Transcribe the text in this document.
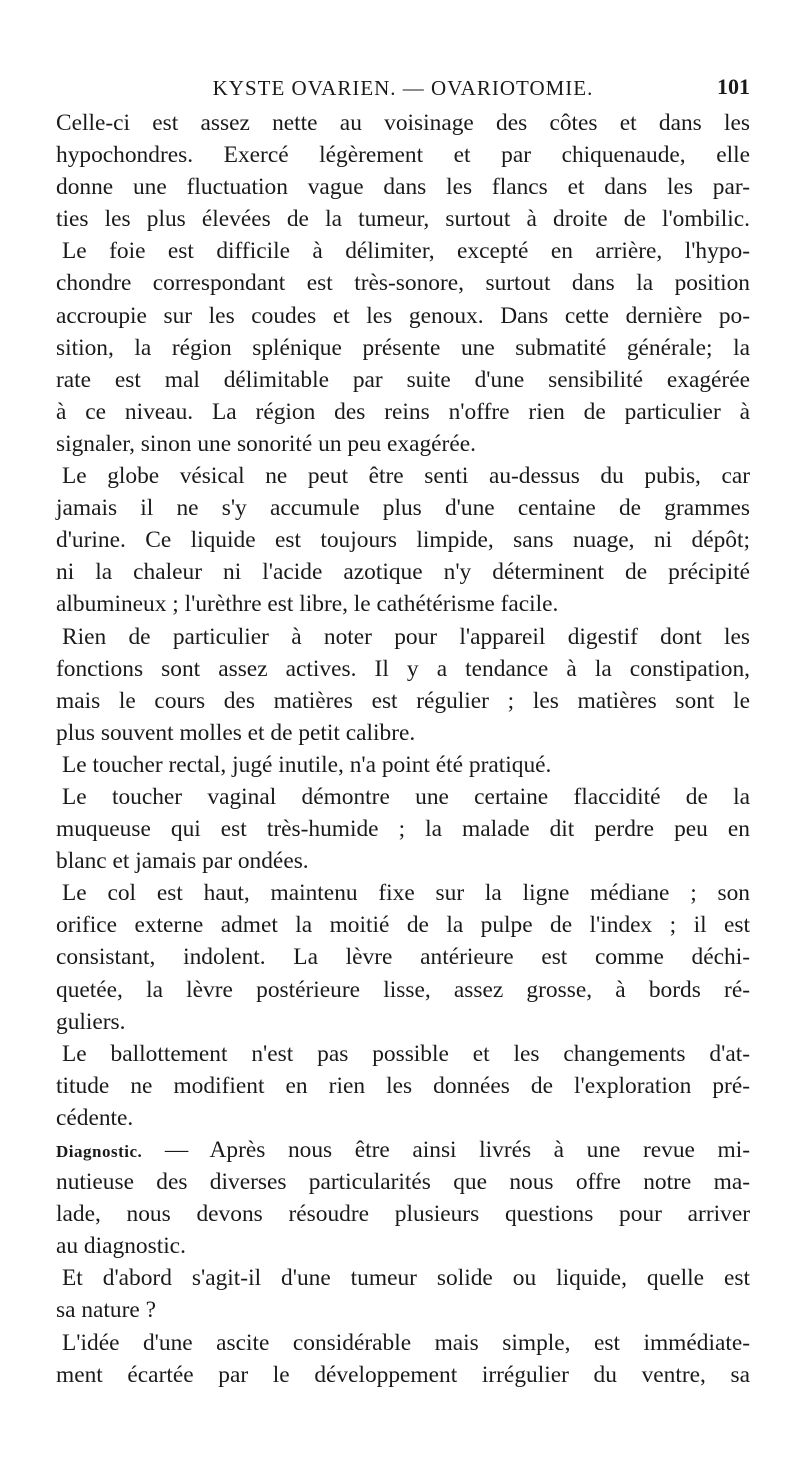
KYSTE OVARIEN. — OVARIOTOMIE.	101
Celle-ci est assez nette au voisinage des côtes et dans les
hypochondres. Exercé légèrement et par chiquenaude, elle
donne une fluctuation vague dans les flancs et dans les par-
ties les plus élevées de la tumeur, surtout à droite de l'ombilic.
Le foie est difficile à délimiter, excepté en arrière, l'hypo-
chondre correspondant est très-sonore, surtout dans la position
accroupie sur les coudes et les genoux. Dans cette dernière po-
sition, la région splénique présente une submatité générale; la
rate est mal délimitable par suite d'une sensibilité exagérée
à ce niveau. La région des reins n'offre rien de particulier à
signaler, sinon une sonorité un peu exagérée.
Le globe vésical ne peut être senti au-dessus du pubis, car
jamais il ne s'y accumule plus d'une centaine de grammes
d'urine. Ce liquide est toujours limpide, sans nuage, ni dépôt;
ni la chaleur ni l'acide azotique n'y déterminent de précipité
albumineux ; l'urèthre est libre, le cathétérisme facile.
Rien de particulier à noter pour l'appareil digestif dont les
fonctions sont assez actives. Il y a tendance à la constipation,
mais le cours des matières est régulier ; les matières sont le
plus souvent molles et de petit calibre.
Le toucher rectal, jugé inutile, n'a point été pratiqué.
Le toucher vaginal démontre une certaine flaccidité de la
muqueuse qui est très-humide ; la malade dit perdre peu en
blanc et jamais par ondées.
Le col est haut, maintenu fixe sur la ligne médiane ; son
orifice externe admet la moitié de la pulpe de l'index ; il est
consistant, indolent. La lèvre antérieure est comme déchi-
quetée, la lèvre postérieure lisse, assez grosse, à bords ré-
guliers.
Le ballottement n'est pas possible et les changements d'at-
titude ne modifient en rien les données de l'exploration pré-
cédente.
Diagnostic. — Après nous être ainsi livrés à une revue mi-
nutieuse des diverses particularités que nous offre notre ma-
lade, nous devons résoudre plusieurs questions pour arriver
au diagnostic.
Et d'abord s'agit-il d'une tumeur solide ou liquide, quelle est
sa nature ?
L'idée d'une ascite considérable mais simple, est immédiate-
ment écartée par le développement irrégulier du ventre, sa
